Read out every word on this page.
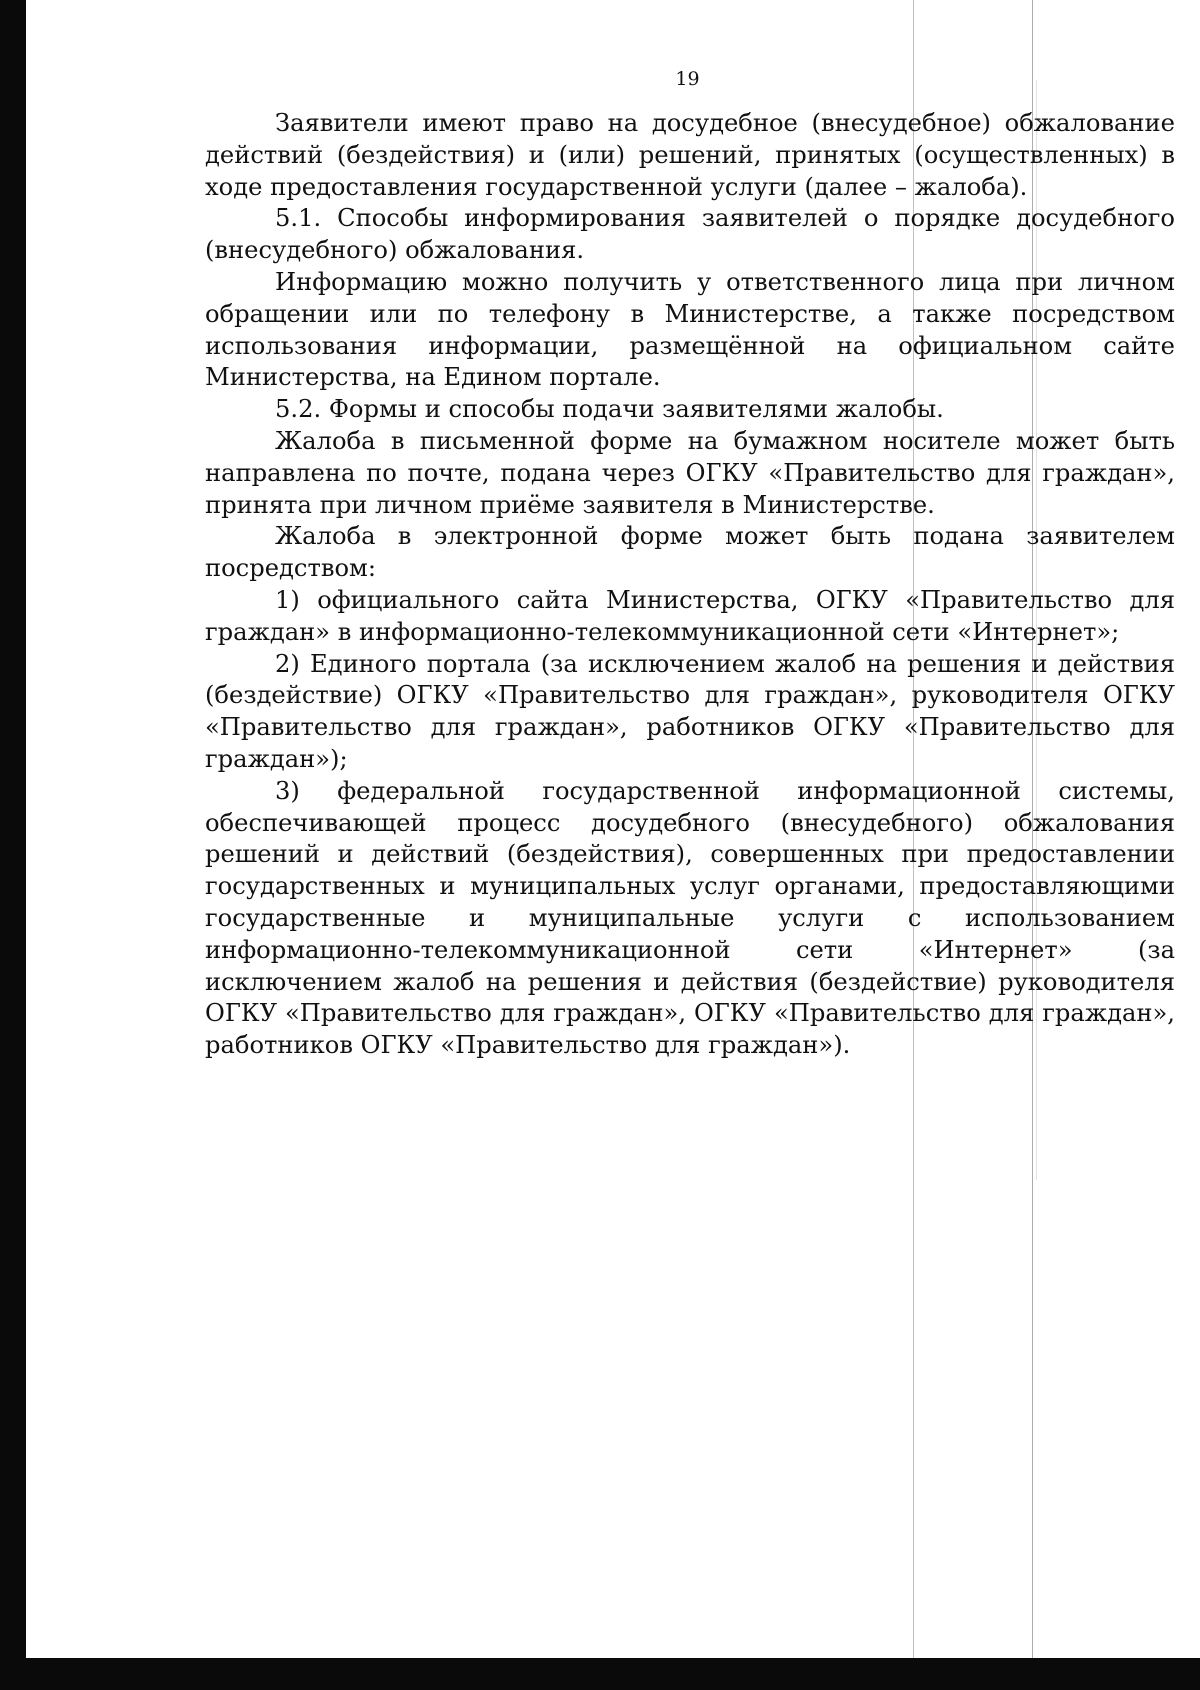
19

Заявители имеют право на досудебное (внесудебное) обжалование действий (бездействия) и (или) решений, принятых (осуществленных) в ходе предоставления государственной услуги (далее – жалоба).

5.1. Способы информирования заявителей о порядке досудебного (внесудебного) обжалования.

Информацию можно получить у ответственного лица при личном обращении или по телефону в Министерстве, а также посредством использования информации, размещённой на официальном сайте Министерства, на Едином портале.

5.2. Формы и способы подачи заявителями жалобы.

Жалоба в письменной форме на бумажном носителе может быть направлена по почте, подана через ОГКУ «Правительство для граждан», принята при личном приёме заявителя в Министерстве.

Жалоба в электронной форме может быть подана заявителем посредством:

1) официального сайта Министерства, ОГКУ «Правительство для граждан» в информационно-телекоммуникационной сети «Интернет»;

2) Единого портала (за исключением жалоб на решения и действия (бездействие) ОГКУ «Правительство для граждан», руководителя ОГКУ «Правительство для граждан», работников ОГКУ «Правительство для граждан»);

3) федеральной государственной информационной системы, обеспечивающей процесс досудебного (внесудебного) обжалования решений и действий (бездействия), совершенных при предоставлении государственных и муниципальных услуг органами, предоставляющими государственные и муниципальные услуги с использованием информационно-телекоммуникационной сети «Интернет» (за исключением жалоб на решения и действия (бездействие) руководителя ОГКУ «Правительство для граждан», ОГКУ «Правительство для граждан», работников ОГКУ «Правительство для граждан»).
